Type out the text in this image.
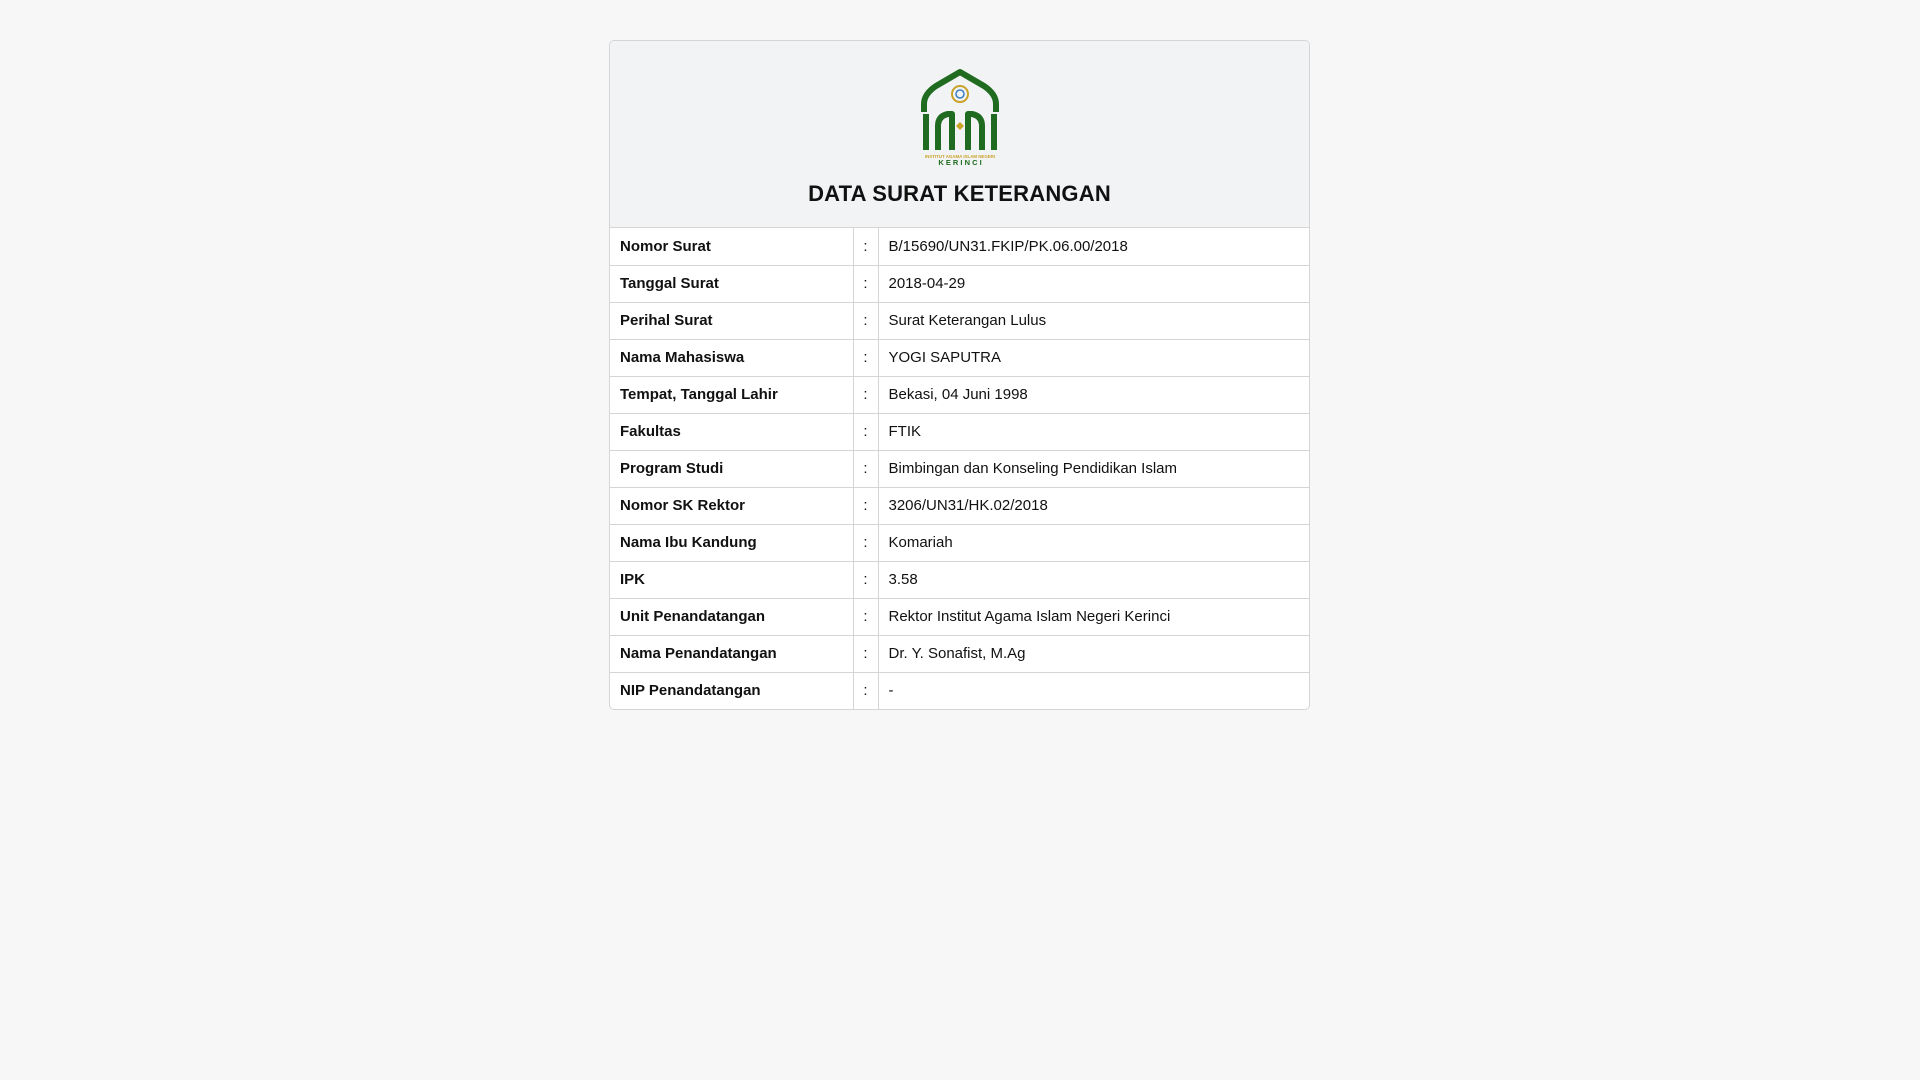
INSTITUT AGAMA ISLAM NEGERI
K E R I N C I
DATA SURAT KETERANGAN
Nomor Surat	:	B/15690/UN31.FKIP/PK.06.00/2018
Tanggal Surat	:	2018-04-29
Perihal Surat	:	Surat Keterangan Lulus
Nama Mahasiswa	:	YOGI SAPUTRA
Tempat, Tanggal Lahir	:	Bekasi, 04 Juni 1998
Fakultas	:	FTIK
Program Studi	:	Bimbingan dan Konseling Pendidikan Islam
Nomor SK Rektor	:	3206/UN31/HK.02/2018
Nama Ibu Kandung	:	Komariah
IPK	:	3.58
Unit Penandatangan	:	Rektor Institut Agama Islam Negeri Kerinci
Nama Penandatangan	:	Dr. Y. Sonafist, M.Ag
NIP Penandatangan	:	-
